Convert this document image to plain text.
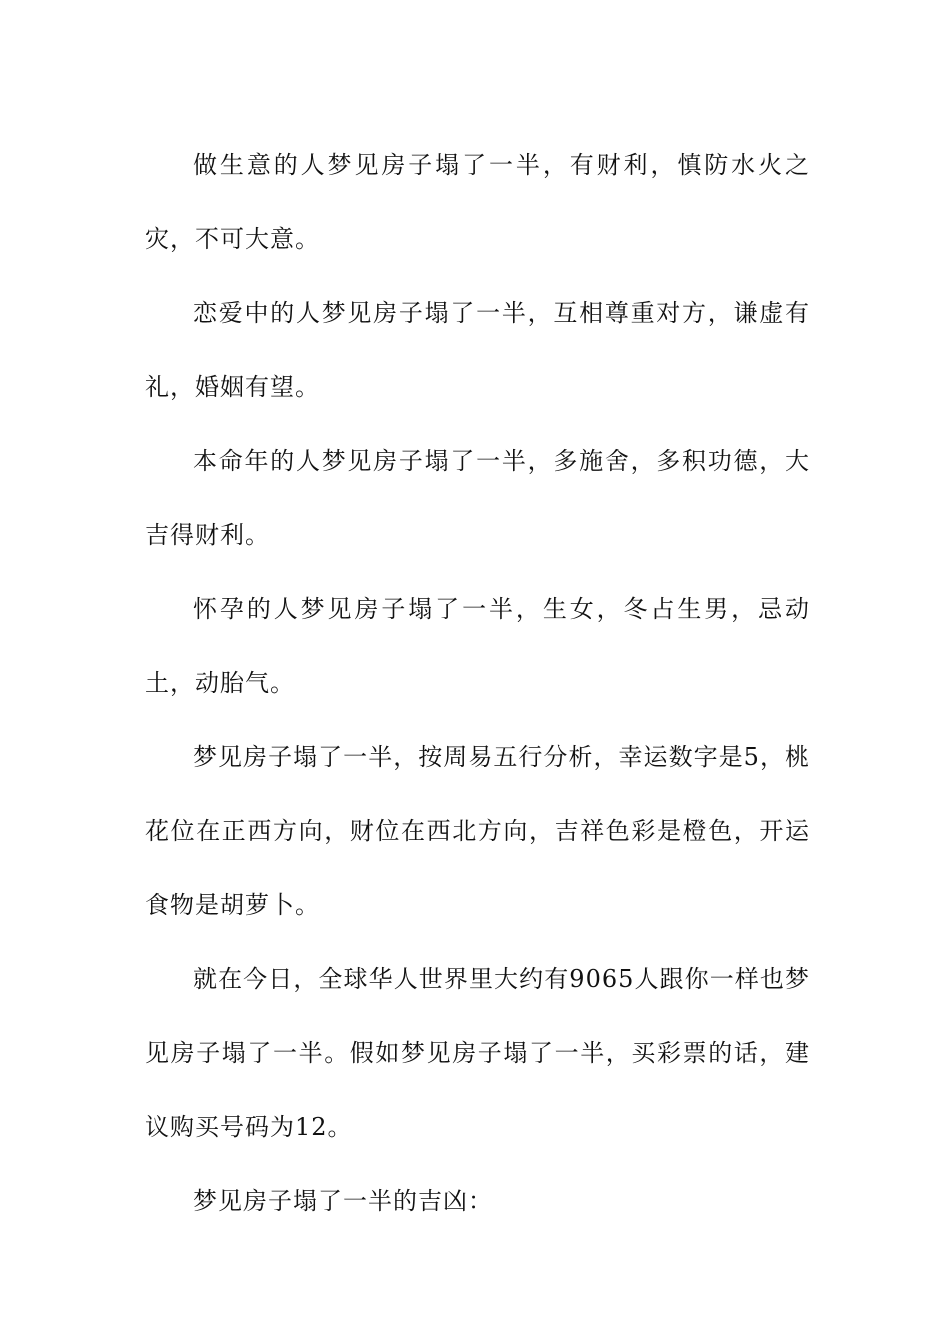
做生意的人梦见房子塌了一半，有财利，慎防水火之灾，不可大意。

恋爱中的人梦见房子塌了一半，互相尊重对方，谦虚有礼，婚姻有望。

本命年的人梦见房子塌了一半，多施舍，多积功德，大吉得财利。

怀孕的人梦见房子塌了一半，生女，冬占生男，忌动土，动胎气。

梦见房子塌了一半，按周易五行分析，幸运数字是5，桃花位在正西方向，财位在西北方向，吉祥色彩是橙色，开运食物是胡萝卜。

就在今日，全球华人世界里大约有9065人跟你一样也梦见房子塌了一半。假如梦见房子塌了一半，买彩票的话，建议购买号码为12。

梦见房子塌了一半的吉凶：
